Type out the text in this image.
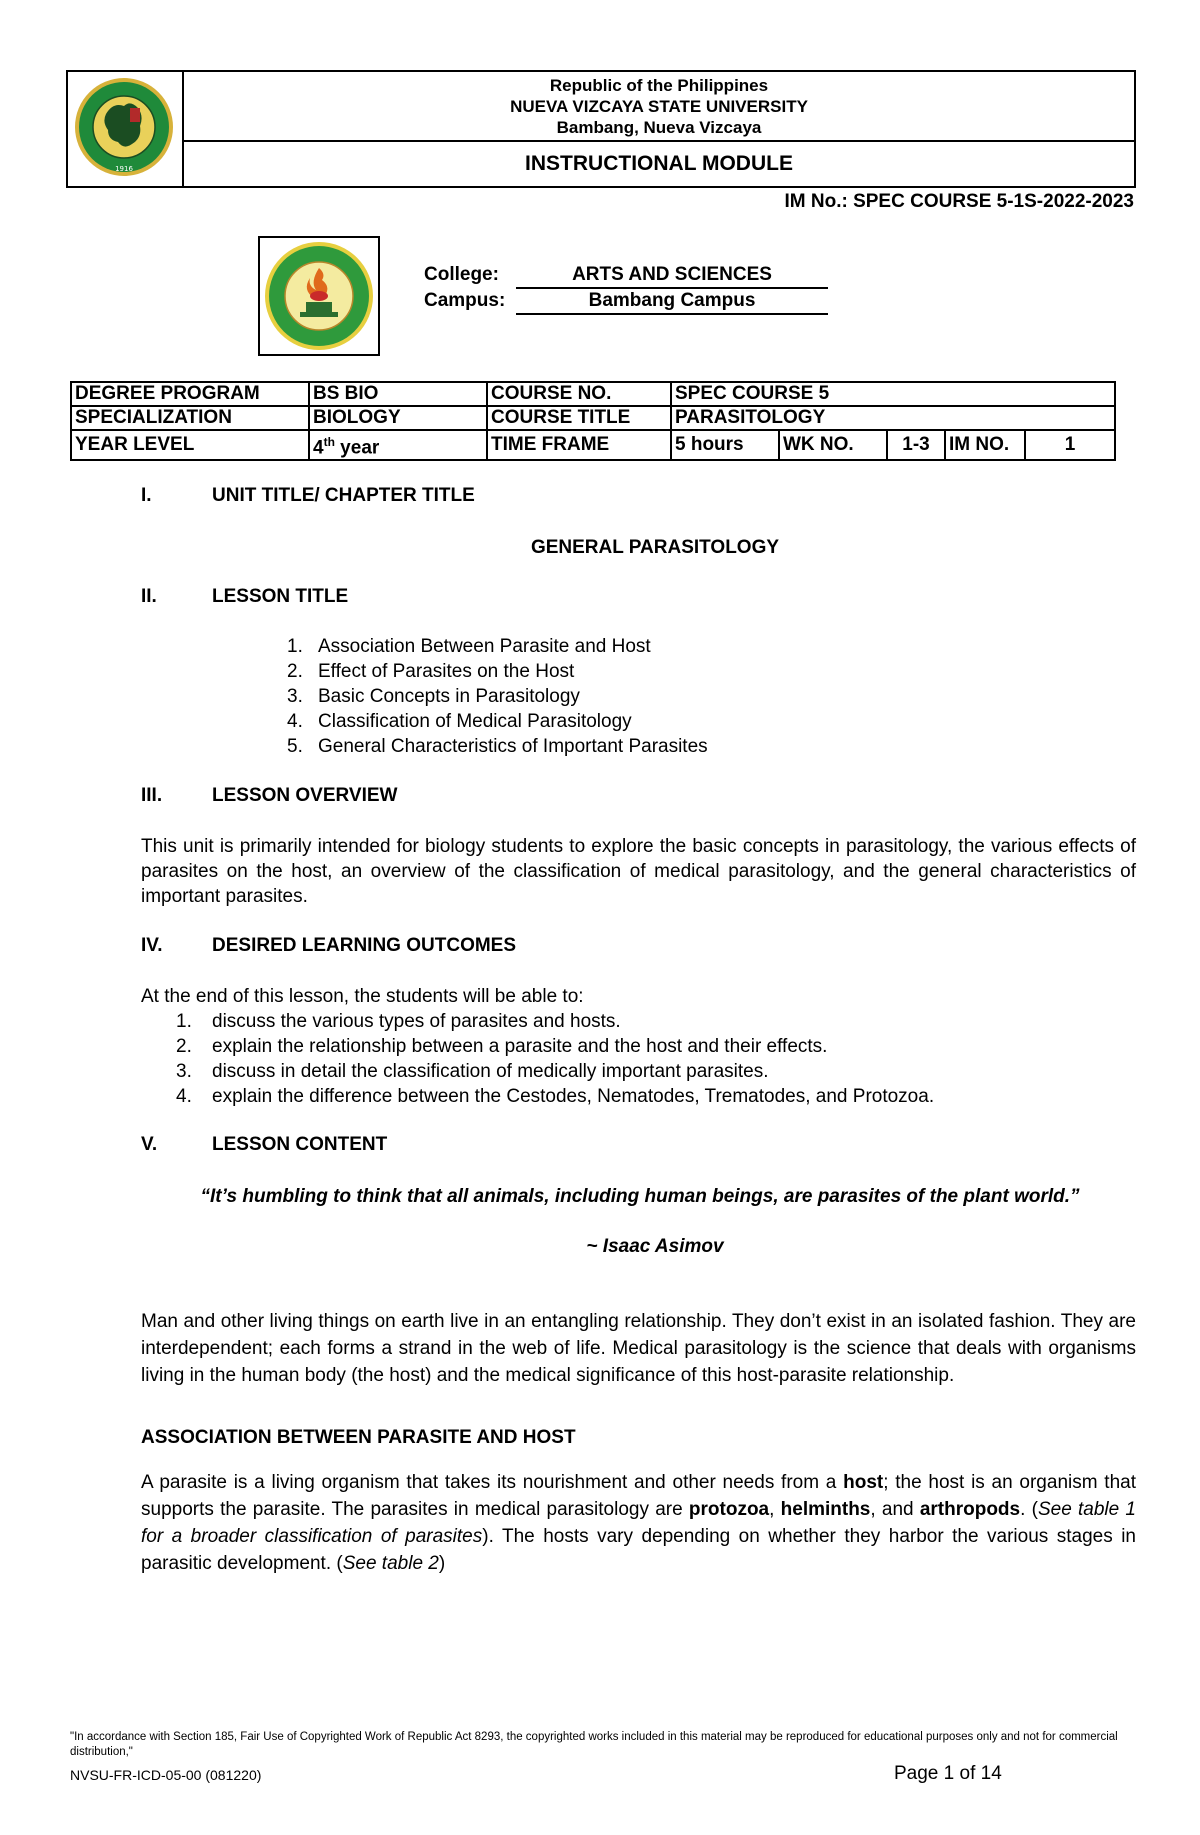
1916
Republic of the Philippines
NUEVA VIZCAYA STATE UNIVERSITY
Bambang, Nueva Vizcaya
INSTRUCTIONAL MODULE
IM No.: SPEC COURSE 5-1S-2022-2023
College:	ARTS AND SCIENCES
Campus:	Bambang Campus
DEGREE PROGRAM	BS BIO	COURSE NO.	SPEC COURSE 5				
SPECIALIZATION	BIOLOGY	COURSE TITLE	PARASITOLOGY				
YEAR LEVEL	4th year	TIME FRAME	5 hours	WK NO.	1-3	IM NO.	1
I.	UNIT TITLE/ CHAPTER TITLE
GENERAL PARASITOLOGY
II.	LESSON TITLE
1. Association Between Parasite and Host
2. Effect of Parasites on the Host
3. Basic Concepts in Parasitology
4. Classification of Medical Parasitology
5. General Characteristics of Important Parasites
III.	LESSON OVERVIEW
This unit is primarily intended for biology students to explore the basic concepts in parasitology, the various effects of parasites on the host, an overview of the classification of medical parasitology, and the general characteristics of important parasites.
IV.	DESIRED LEARNING OUTCOMES
At the end of this lesson, the students will be able to:
1.	discuss the various types of parasites and hosts.
2.	explain the relationship between a parasite and the host and their effects.
3.	discuss in detail the classification of medically important parasites.
4.	explain the difference between the Cestodes, Nematodes, Trematodes, and Protozoa.
V.	LESSON CONTENT
“It’s humbling to think that all animals, including human beings, are parasites of the plant world.”
~ Isaac Asimov
Man and other living things on earth live in an entangling relationship. They don’t exist in an isolated fashion. They are interdependent; each forms a strand in the web of life. Medical parasitology is the science that deals with organisms living in the human body (the host) and the medical significance of this host-parasite relationship.
ASSOCIATION BETWEEN PARASITE AND HOST
A parasite is a living organism that takes its nourishment and other needs from a host; the host is an organism that supports the parasite. The parasites in medical parasitology are protozoa, helminths, and arthropods. (See table 1 for a broader classification of parasites). The hosts vary depending on whether they harbor the various stages in parasitic development. (See table 2)
"In accordance with Section 185, Fair Use of Copyrighted Work of Republic Act 8293, the copyrighted works included in this material may be reproduced for educational purposes only and not for commercial distribution,"
NVSU-FR-ICD-05-00 (081220)	Page 1 of 14
